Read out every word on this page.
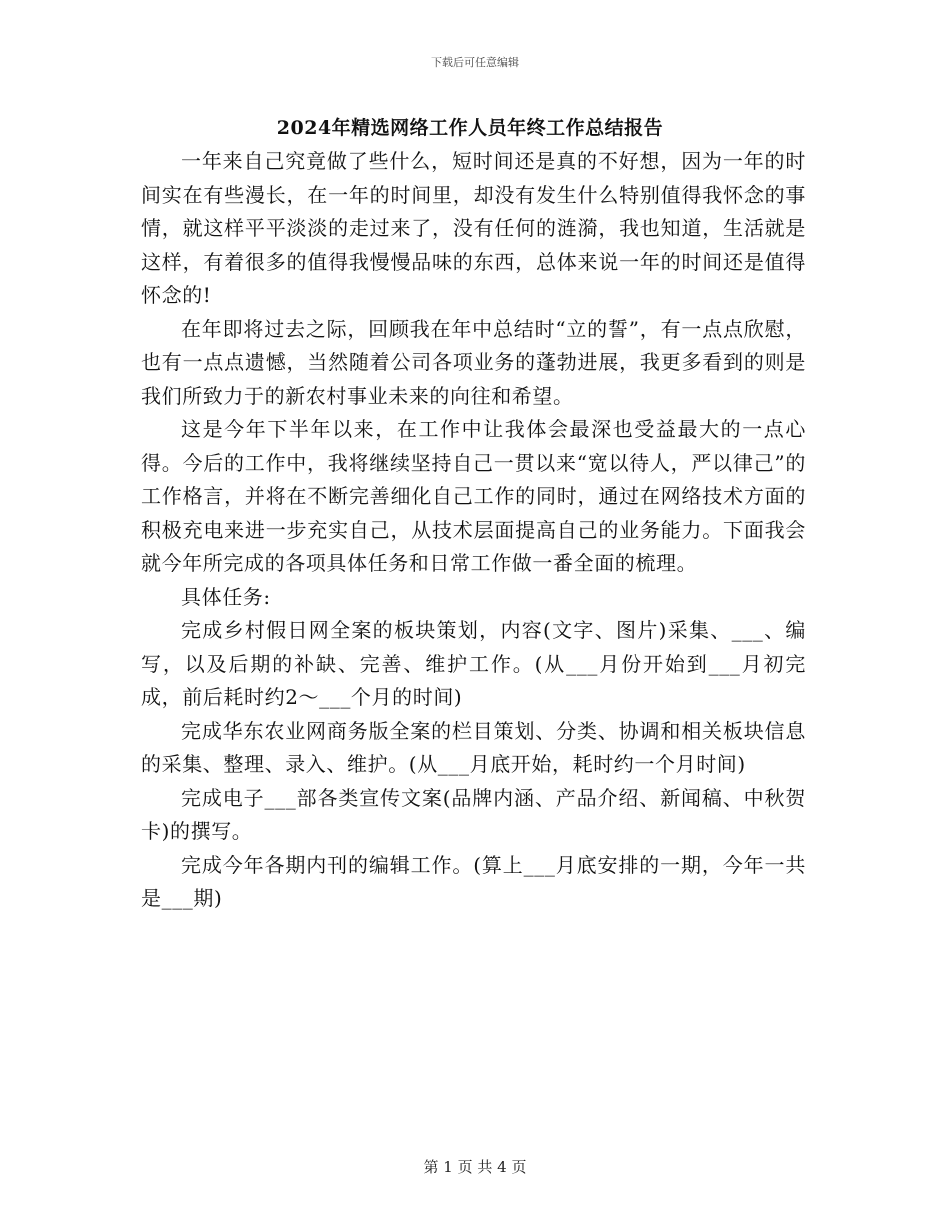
下载后可任意编辑
2024年精选网络工作人员年终工作总结报告

一年来自己究竟做了些什么，短时间还是真的不好想，因为一年的时间实在有些漫长，在一年的时间里，却没有发生什么特别值得我怀念的事情，就这样平平淡淡的走过来了，没有任何的涟漪，我也知道，生活就是这样，有着很多的值得我慢慢品味的东西，总体来说一年的时间还是值得怀念的!

在年即将过去之际，回顾我在年中总结时“立的誓”，有一点点欣慰，也有一点点遗憾，当然随着公司各项业务的蓬勃进展，我更多看到的则是我们所致力于的新农村事业未来的向往和希望。

这是今年下半年以来，在工作中让我体会最深也受益最大的一点心得。今后的工作中，我将继续坚持自己一贯以来“宽以待人，严以律己”的工作格言，并将在不断完善细化自己工作的同时，通过在网络技术方面的积极充电来进一步充实自己，从技术层面提高自己的业务能力。下面我会就今年所完成的各项具体任务和日常工作做一番全面的梳理。

具体任务:

完成乡村假日网全案的板块策划，内容(文字、图片)采集、___、编写，以及后期的补缺、完善、维护工作。(从___月份开始到___月初完成，前后耗时约2～___个月的时间)

完成华东农业网商务版全案的栏目策划、分类、协调和相关板块信息的采集、整理、录入、维护。(从___月底开始，耗时约一个月时间)

完成电子___部各类宣传文案(品牌内涵、产品介绍、新闻稿、中秋贺卡)的撰写。

完成今年各期内刊的编辑工作。(算上___月底安排的一期，今年一共是___期)

第 1 页 共 4 页
